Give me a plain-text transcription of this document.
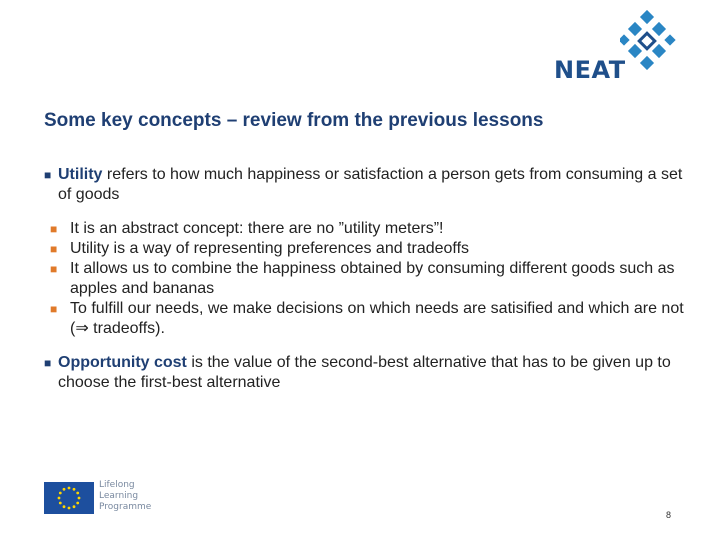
NEAT
Some key concepts – review from the previous lessons
■ Utility refers to how much happiness or satisfaction a person gets from consuming a set of goods
■ It is an abstract concept: there are no ”utility meters”!
■ Utility is a way of representing preferences and tradeoffs
■ It allows us to combine the happiness obtained by consuming different goods such as apples and bananas
■ To fulfill our needs, we make decisions on which needs are satisified and which are not (⇒ tradeoffs).
■ Opportunity cost is the value of the second-best alternative that has to be given up to choose the first-best alternative
Lifelong
Learning
Programme
8
